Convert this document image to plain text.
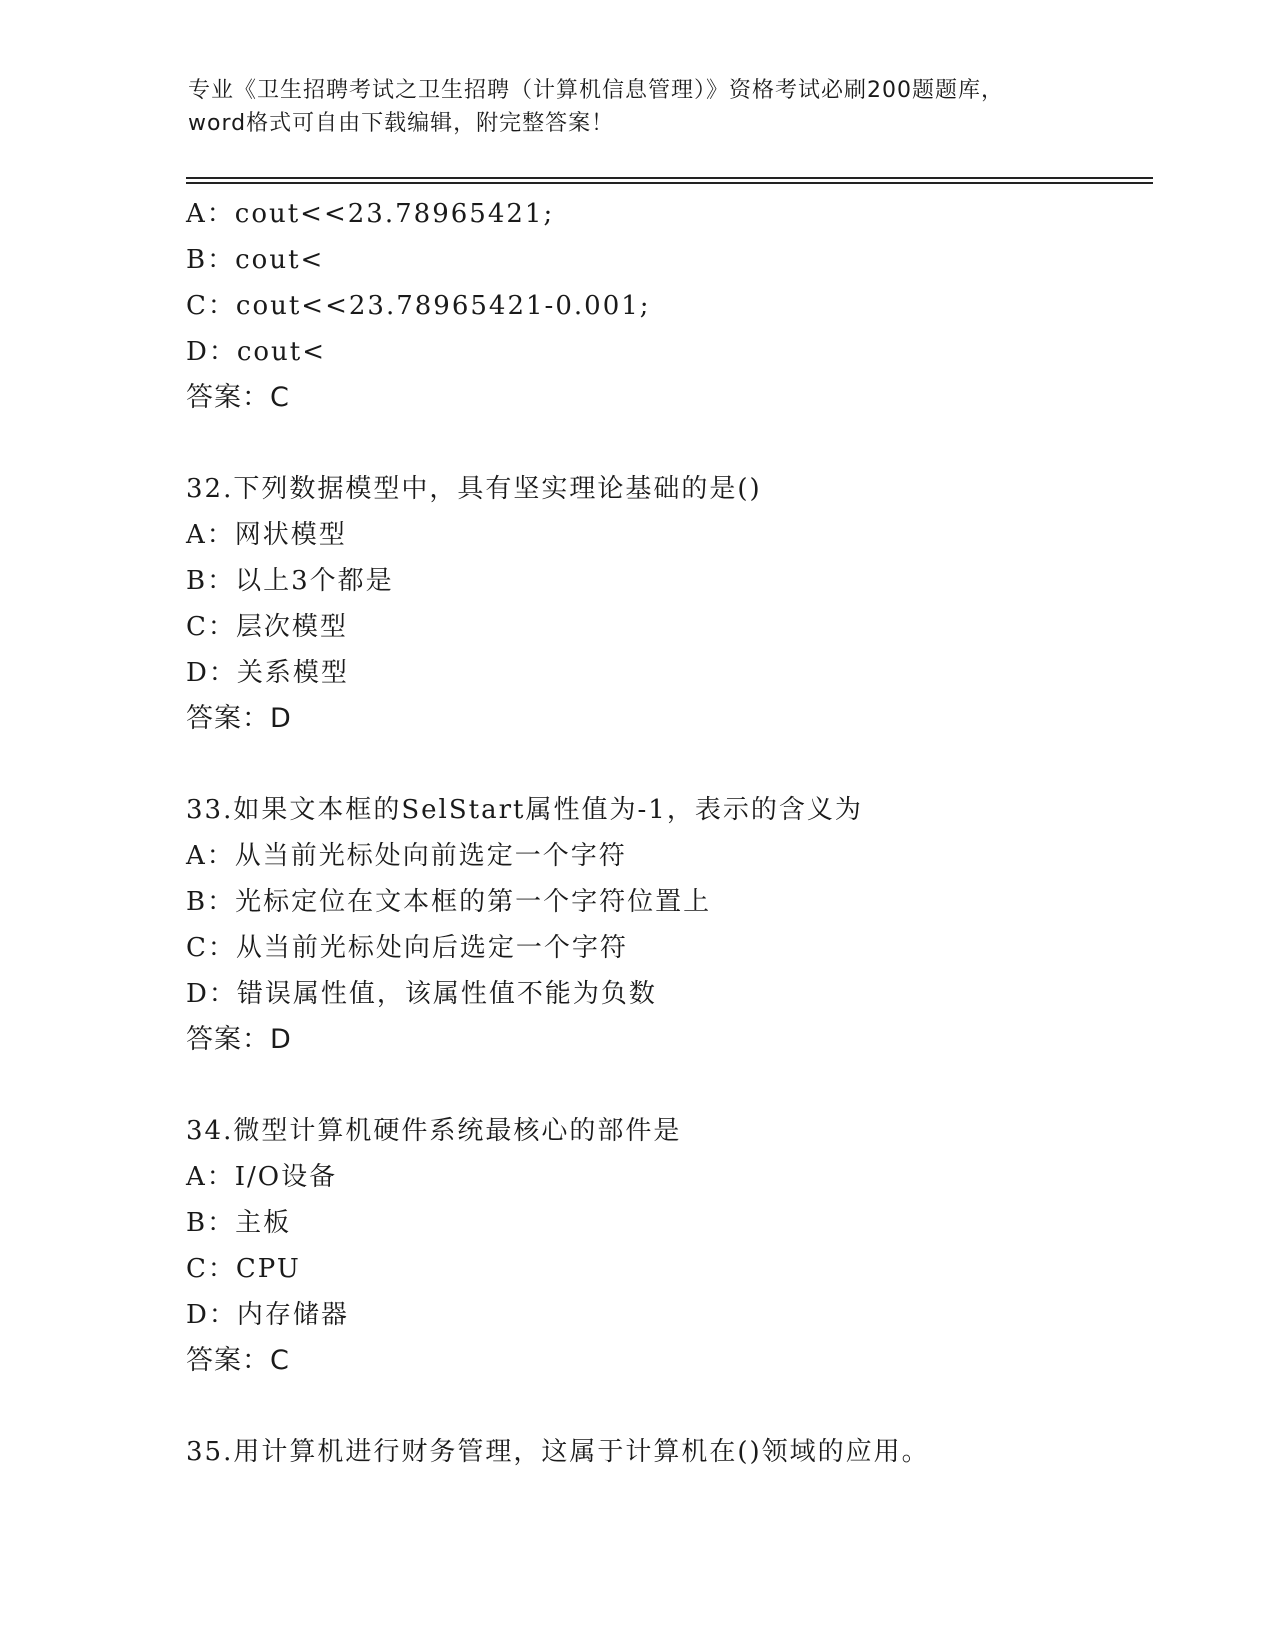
专业《卫生招聘考试之卫生招聘（计算机信息管理）》资格考试必刷200题题库，
word格式可自由下载编辑，附完整答案！
A：cout<<23.78965421;
B：cout<
C：cout<<23.78965421-0.001;
D：cout<
答案：C
32.下列数据模型中，具有坚实理论基础的是()
A：网状模型
B：以上3个都是
C：层次模型
D：关系模型
答案：D
33.如果文本框的SelStart属性值为-1，表示的含义为
A：从当前光标处向前选定一个字符
B：光标定位在文本框的第一个字符位置上
C：从当前光标处向后选定一个字符
D：错误属性值，该属性值不能为负数
答案：D
34.微型计算机硬件系统最核心的部件是
A：I/O设备
B：主板
C：CPU
D：内存储器
答案：C
35.用计算机进行财务管理，这属于计算机在()领域的应用。
